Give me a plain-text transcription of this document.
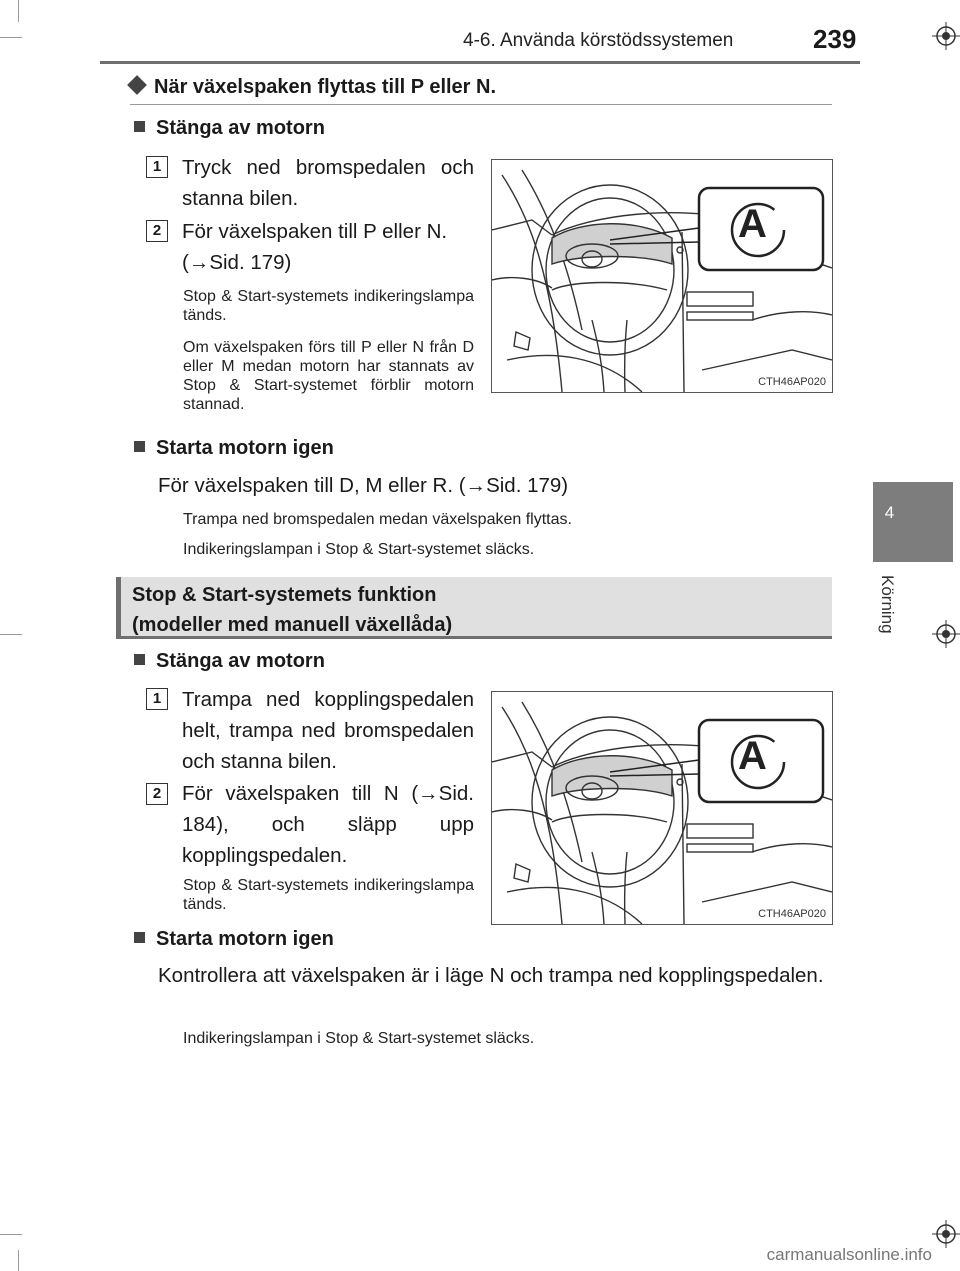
4-6. Använda körstödssystemen	239
4
Körning
När växelspaken flyttas till P eller N.
Stänga av motorn
1	Tryck ned bromspedalen och stanna bilen.
2	För växelspaken till P eller N.
(→Sid. 179)
Stop & Start-systemets indikeringslampa tänds.
Om växelspaken förs till P eller N från D eller M medan motorn har stannats av Stop & Start-systemet förblir motorn stannad.
A
CTH46AP020
Starta motorn igen
För växelspaken till D, M eller R. (→Sid. 179)
Trampa ned bromspedalen medan växelspaken flyttas.
Indikeringslampan i Stop & Start-systemet släcks.
Stop & Start-systemets funktion
(modeller med manuell växellåda)
Stänga av motorn
1	Trampa ned kopplingspedalen helt, trampa ned bromspedalen och stanna bilen.
2	För växelspaken till N (→Sid. 184), och släpp upp kopplingspedalen.
Stop & Start-systemets indikeringslampa tänds.
A
CTH46AP020
Starta motorn igen
Kontrollera att växelspaken är i läge N och trampa ned kopplingspedalen.
Indikeringslampan i Stop & Start-systemet släcks.
carmanualsonline.info
